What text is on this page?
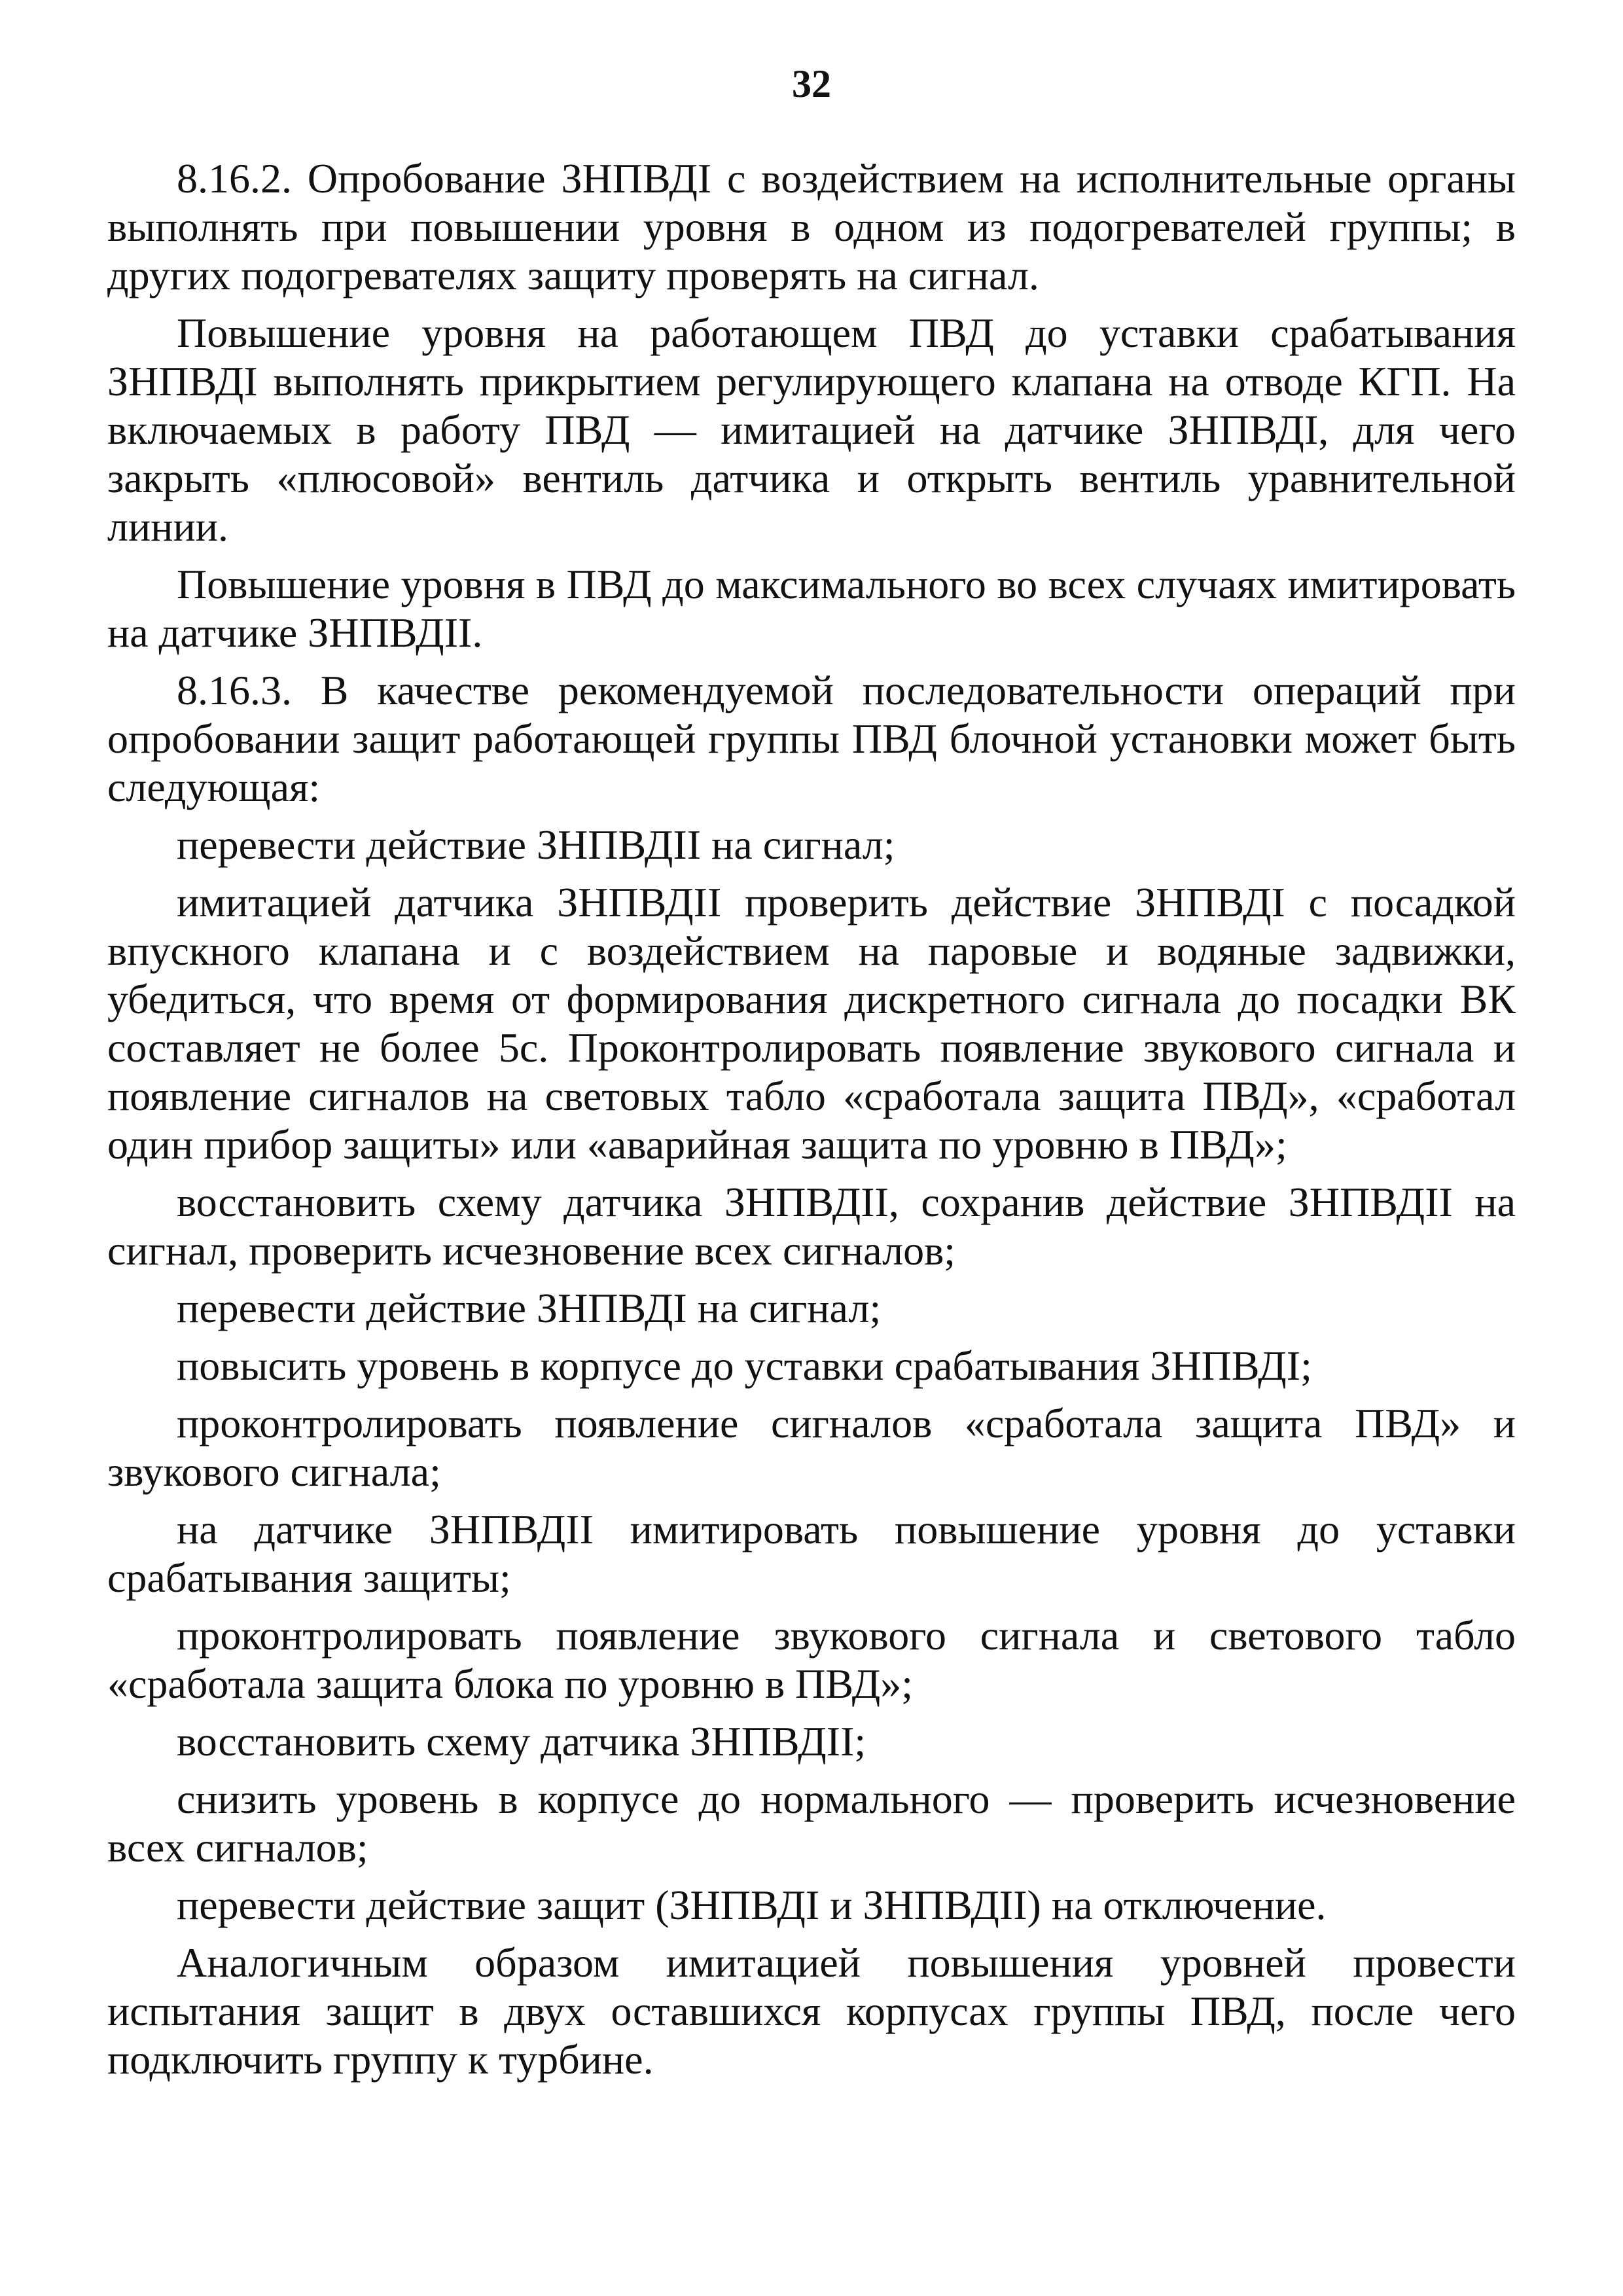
32

8.16.2. Опробование ЗНПВДI с воздействием на исполнительные органы выполнять при повышении уровня в одном из подогревателей группы; в других подогревателях защиту проверять на сигнал.

Повышение уровня на работающем ПВД до уставки срабатывания ЗНПВДI выполнять прикрытием регулирующего клапана на отводе КГП. На включаемых в работу ПВД — имитацией на датчике ЗНПВДI, для чего закрыть «плюсовой» вентиль датчика и открыть вентиль уравнительной линии.

Повышение уровня в ПВД до максимального во всех случаях имитировать на датчике ЗНПВДII.

8.16.3. В качестве рекомендуемой последовательности операций при опробовании защит работающей группы ПВД блочной установки может быть следующая:

перевести действие ЗНПВДII на сигнал;

имитацией датчика ЗНПВДII проверить действие ЗНПВДI с посадкой впускного клапана и с воздействием на паровые и водяные задвижки, убедиться, что время от формирования дискретного сигнала до посадки ВК составляет не более 5с. Проконтролировать появление звукового сигнала и появление сигналов на световых табло «сработала защита ПВД», «сработал один прибор защиты» или «аварийная защита по уровню в ПВД»;

восстановить схему датчика ЗНПВДII, сохранив действие ЗНПВДII на сигнал, проверить исчезновение всех сигналов;

перевести действие ЗНПВДI на сигнал;

повысить уровень в корпусе до уставки срабатывания ЗНПВДI;

проконтролировать появление сигналов «сработала защита ПВД» и звукового сигнала;

на датчике ЗНПВДII имитировать повышение уровня до уставки срабатывания защиты;

проконтролировать появление звукового сигнала и светового табло «сработала защита блока по уровню в ПВД»;

восстановить схему датчика ЗНПВДII;

снизить уровень в корпусе до нормального — проверить исчезновение всех сигналов;

перевести действие защит (ЗНПВДI и ЗНПВДII) на отключение.

Аналогичным образом имитацией повышения уровней провести испытания защит в двух оставшихся корпусах группы ПВД, после чего подключить группу к турбине.
